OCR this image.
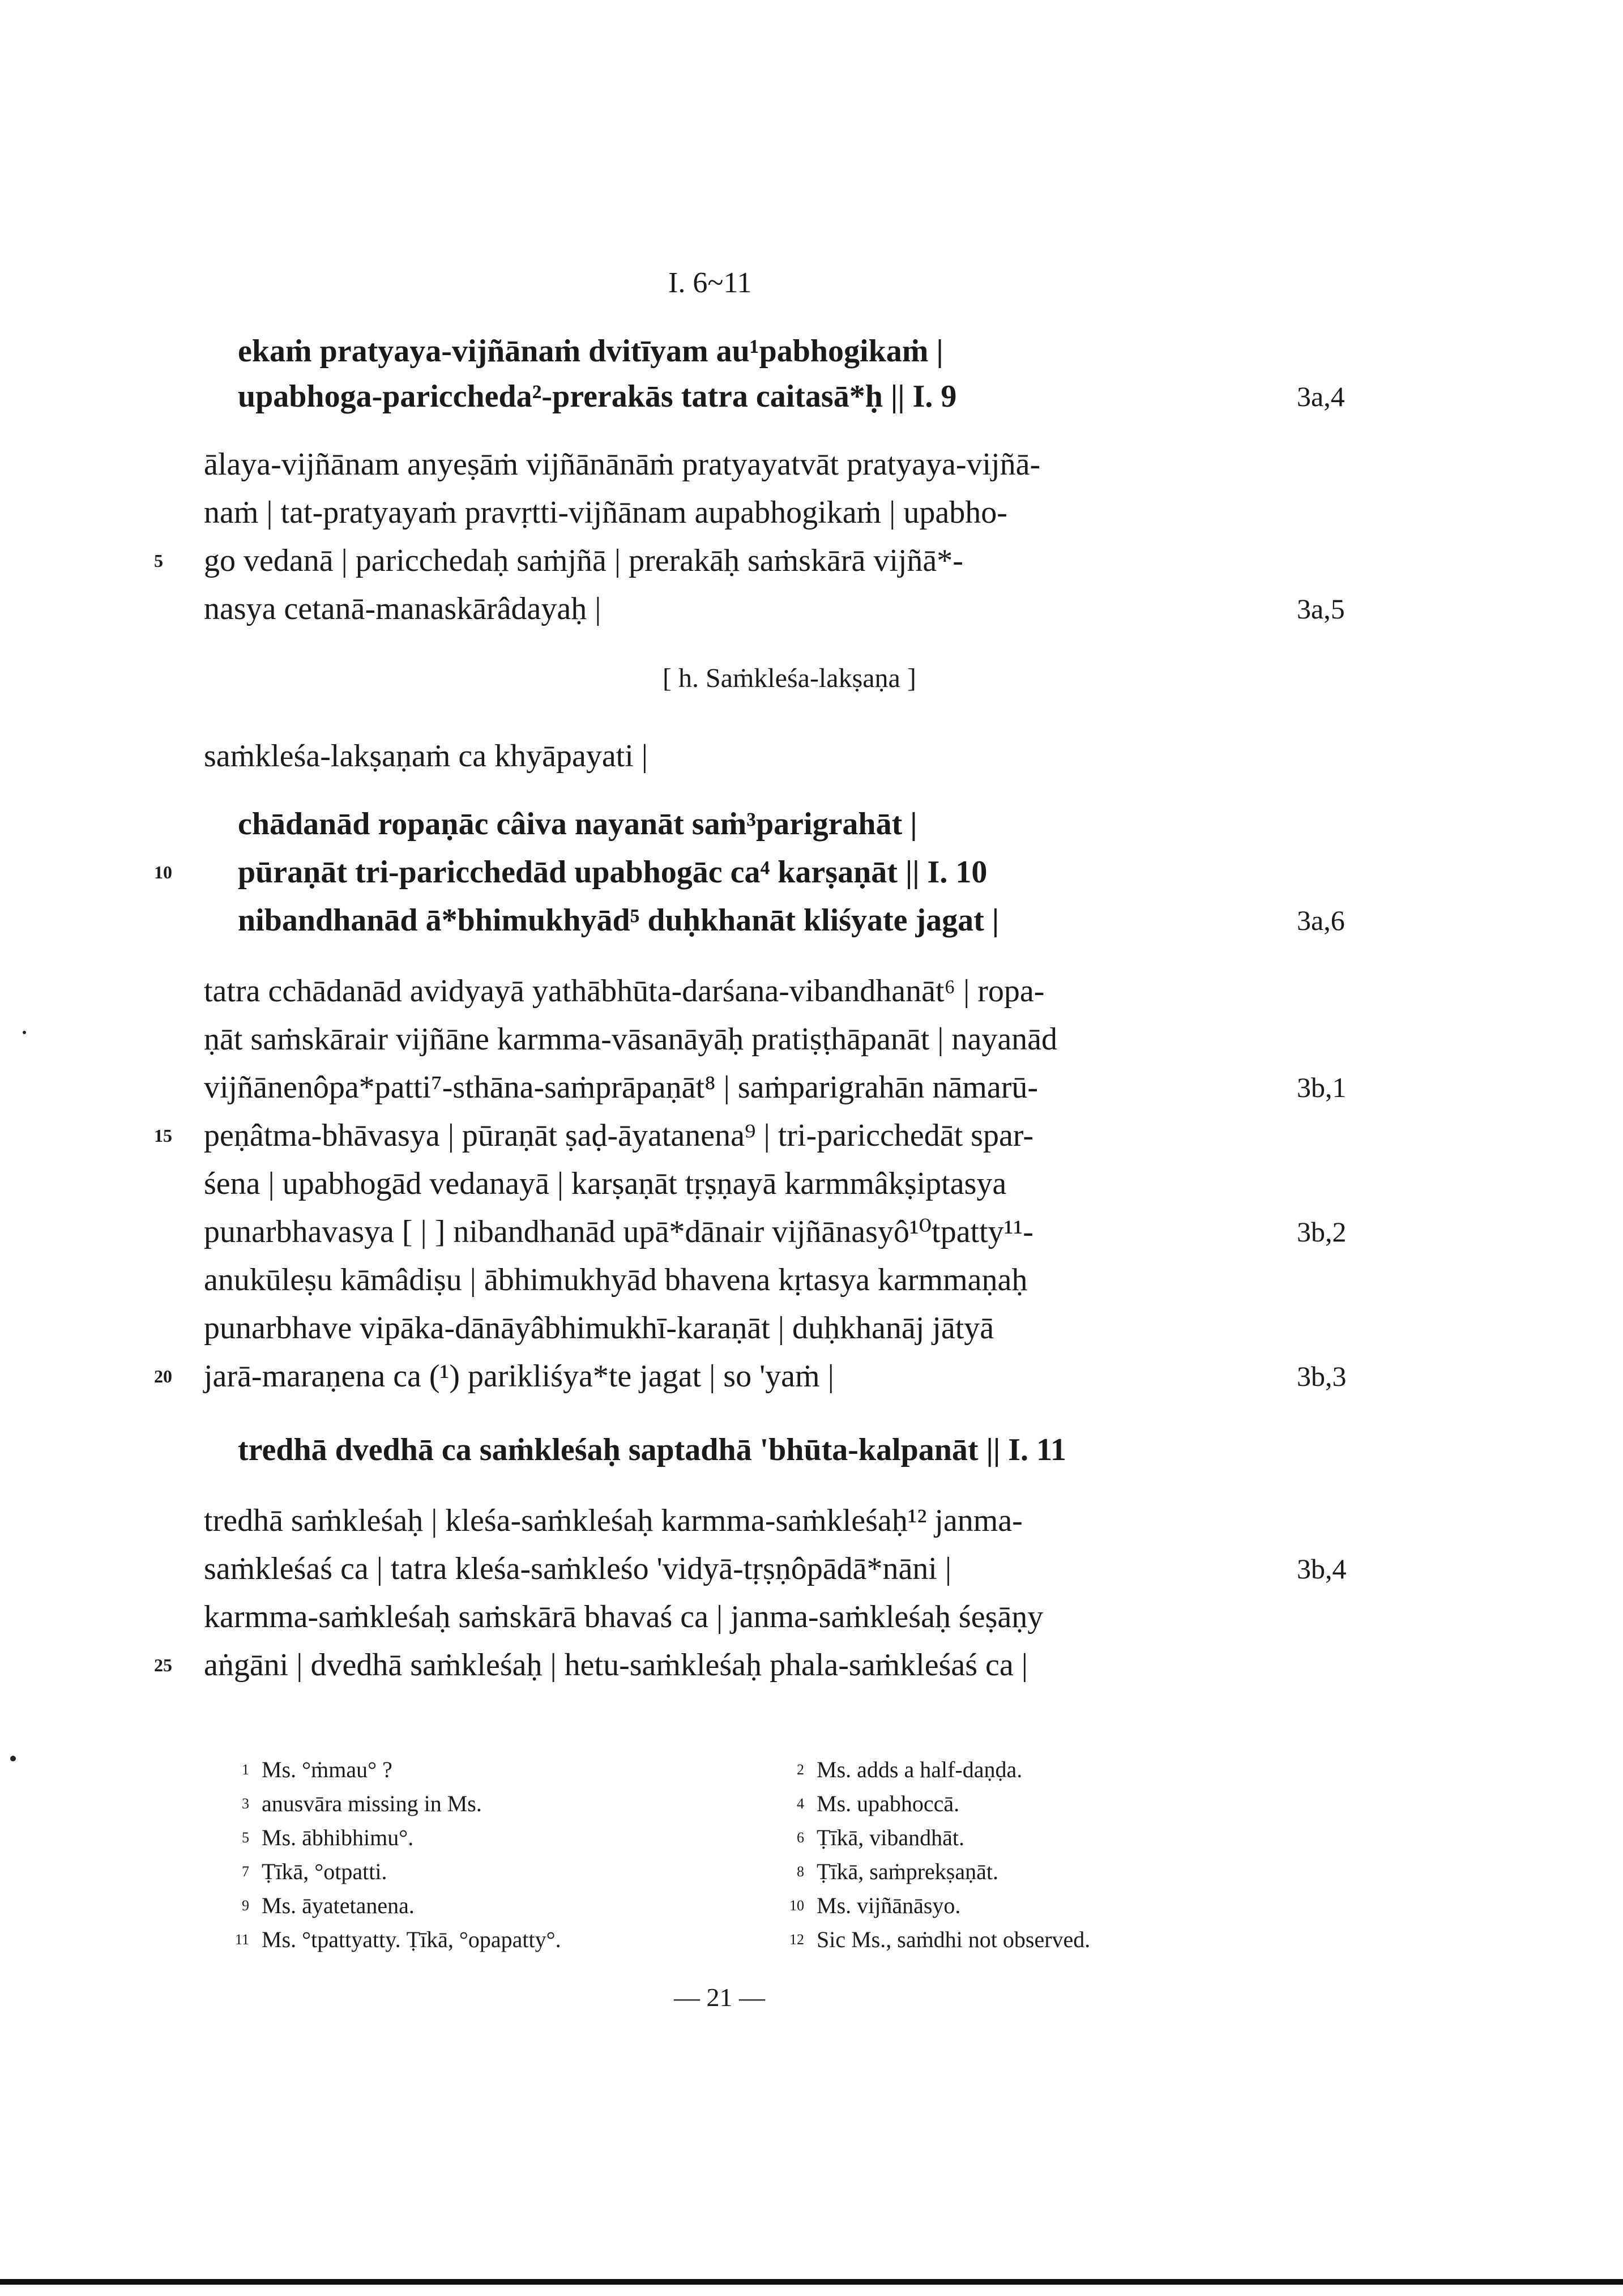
I. 6~11
ekaṁ pratyaya-vijñānaṁ dvitīyam au¹pabhogikaṁ |
upabhoga-pariccheda²-prerakās tatra caitasā*ḥ || I. 9	3a,4
ālaya-vijñānam anyeṣāṁ vijñānānāṁ pratyayatvāt pratyaya-vijñā-
naṁ | tat-pratyayaṁ pravṛtti-vijñānam aupabhogikaṁ | upabho-
5 go vedanā | paricchedaḥ saṁjñā | prerakāḥ saṁskārā vijñā*-
nasya cetanā-manaskārâdayaḥ |	3a,5
[ h. Saṁkleśa-lakṣaṇa ]
saṁkleśa-lakṣaṇaṁ ca khyāpayati |
chādanād ropaṇāc câiva nayanāt saṁ³parigrahāt |
10 pūraṇāt tri-paricchedād upabhogāc ca⁴ karṣaṇāt || I. 10
nibandhanād ā*bhimukhyād⁵ duḥkhanāt kliśyate jagat |	3a,6
tatra cchādanād avidyayā yathābhūta-darśana-vibandhanāt⁶ | ropa-
ṇāt saṁskārair vijñāne karmma-vāsanāyāḥ pratiṣṭhāpanāt | nayanād
vijñānenôpa*patti⁷-sthāna-saṁprāpaṇāt⁸ | saṁparigrahān nāmarū-	3b,1
15 peṇâtma-bhāvasya | pūraṇāt ṣaḍ-āyatanena⁹ | tri-paricchedāt spar-
śena | upabhogād vedanayā | karṣaṇāt tṛṣṇayā karmmâkṣiptasya
punarbhavasya [ | ] nibandhanād upā*dānair vijñānasyô¹⁰tpatty¹¹-	3b,2
anukūleṣu kāmâdiṣu | ābhimukhyād bhavena kṛtasya karmmaṇaḥ
punarbhave vipāka-dānāyâbhimukhī-karaṇāt | duḥkhanāj jātyā
20 jarā-maraṇena ca (¹) parikliśya*te jagat | so 'yaṁ |	3b,3
tredhā dvedhā ca saṁkleśaḥ saptadhā 'bhūta-kalpanāt || I. 11
tredhā saṁkleśaḥ | kleśa-saṁkleśaḥ karmma-saṁkleśaḥ¹² janma-
saṁkleśaś ca | tatra kleśa-saṁkleśo 'vidyā-tṛṣṇôpādā*nāni |	3b,4
karmma-saṁkleśaḥ saṁskārā bhavaś ca | janma-saṁkleśaḥ śeṣāṇy
25 aṅgāni | dvedhā saṁkleśaḥ | hetu-saṁkleśaḥ phala-saṁkleśaś ca |
1 Ms. °ṁmau° ?
3 anusvāra missing in Ms.
5 Ms. ābhibhimu°.
7 Ṭīkā, °otpatti.
9 Ms. āyatetanena.
11 Ms. °tpattyatty. Ṭīkā, °opapatty°.
2 Ms. adds a half-daṇḍa.
4 Ms. upabhoccā.
6 Ṭīkā, vibandhāt.
8 Ṭīkā, saṁprekṣaṇāt.
10 Ms. vijñānāsyo.
12 Sic Ms., saṁdhi not observed.
— 21 —
